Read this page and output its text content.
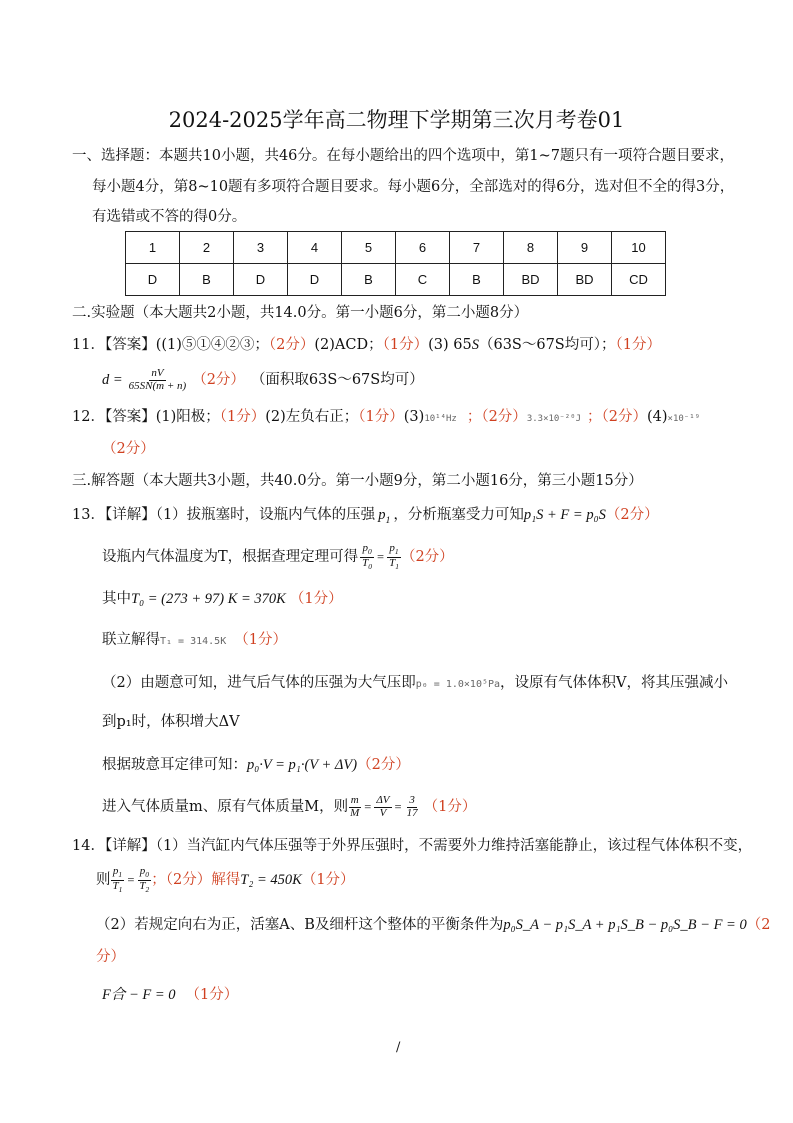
2024-2025学年高二物理下学期第三次月考卷01
一、选择题：本题共10小题，共46分。在每小题给出的四个选项中，第1~7题只有一项符合题目要求，
每小题4分，第8~10题有多项符合题目要求。每小题6分，全部选对的得6分，选对但不全的得3分，
有选错或不答的得0分。
1	2	3	4	5	6	7	8	9	10
D	B	D	D	B	C	B	BD	BD	CD
二.实验题（本大题共2小题，共14.0分。第一小题6分，第二小题8分）
11．【答案】((1)⑤①④②③；（2分）(2)ACD；（1分）(3) 65S（63S～67S均可）；（1分）
$d = \frac{nV}{65SN(m + n)} (2$分） （面积取63S～67S均可）
12．【答案】(1)阳极；（1分）(2)左负右正；（1分）(3)10¹⁴Hz ；（2分）3.3×10⁻²⁰J ；（2分）(4)×10⁻¹⁹
（2分）
三.解答题（本大题共3小题，共40.0分。第一小题9分，第二小题16分，第三小题15分）
13．【详解】（1）拔瓶塞时，设瓶内气体的压强 $p_1$ ，分析瓶塞受力可知p₁S + F = p₀S（2分）
设瓶内气体温度为T，根据查理定理可得 $\frac{p_0}{T_0} = \frac{p_1}{T_1} (2$分）
其中T₀ = (273 + 97) K = 370K （1分）
联立解得T₁ = 314.5K （1分）
（2）由题意可知，进气后气体的压强为大气压即p₀ = 1.0×10⁵Pa，设原有气体体积V，将其压强减小
到p₁时，体积增大ΔV
根据玻意耳定律可知：p₀·V = p₁·(V + ΔV)（2分）
进入气体质量m、原有气体质量M，则 $\frac{m}{M} = \frac{\Delta V}{V} = \frac{3}{17} (1$分）
14．【详解】（1）当汽缸内气体压强等于外界压强时，不需要外力维持活塞能静止，该过程气体体积不变，
则 $\frac{p_1}{T_1} = \frac{p_0}{T_2}$ ；（2分）解得 T₂ = 450K （1分）
（2）若规定向右为正，活塞A、B及细杆这个整体的平衡条件为p₀S_A − p₁S_A + p₁S_B − p₀S_B − F = 0（2
分）
F合 − F = 0 （1分）
/
